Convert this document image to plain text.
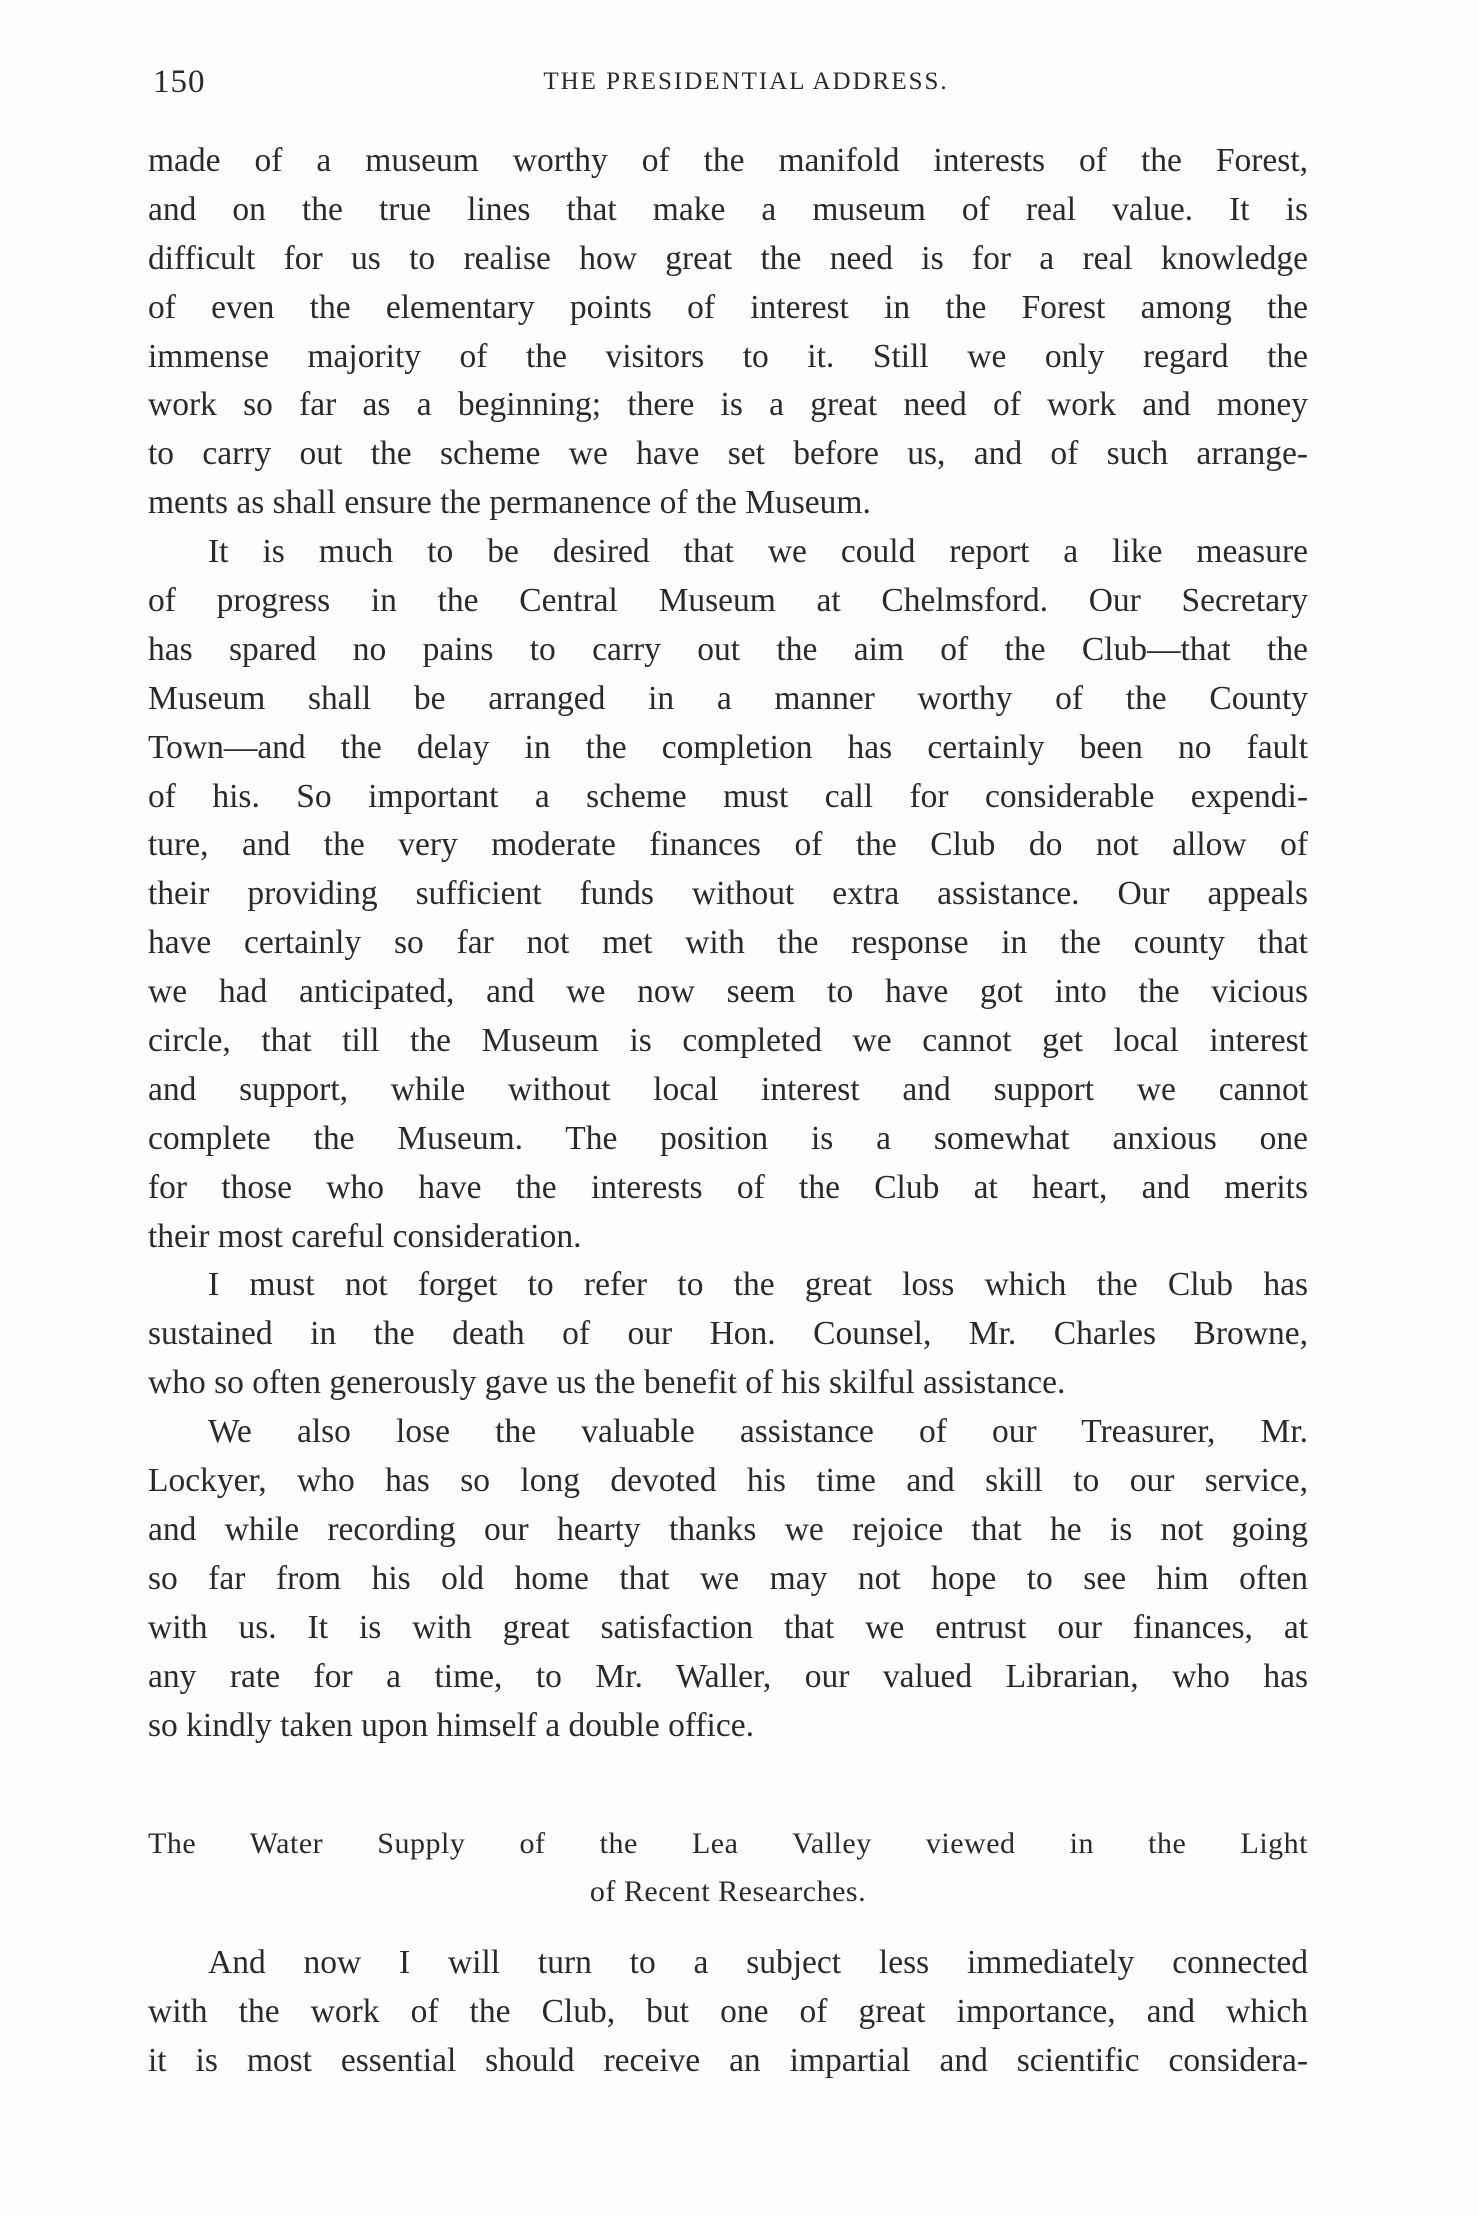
150	THE PRESIDENTIAL ADDRESS.
made of a museum worthy of the manifold interests of the Forest,
and on the true lines that make a museum of real value. It is
difficult for us to realise how great the need is for a real knowledge
of even the elementary points of interest in the Forest among the
immense majority of the visitors to it. Still we only regard the
work so far as a beginning; there is a great need of work and money
to carry out the scheme we have set before us, and of such arrange-
ments as shall ensure the permanence of the Museum.
It is much to be desired that we could report a like measure
of progress in the Central Museum at Chelmsford. Our Secretary
has spared no pains to carry out the aim of the Club—that the
Museum shall be arranged in a manner worthy of the County
Town—and the delay in the completion has certainly been no fault
of his. So important a scheme must call for considerable expendi-
ture, and the very moderate finances of the Club do not allow of
their providing sufficient funds without extra assistance. Our appeals
have certainly so far not met with the response in the county that
we had anticipated, and we now seem to have got into the vicious
circle, that till the Museum is completed we cannot get local interest
and support, while without local interest and support we cannot
complete the Museum. The position is a somewhat anxious one
for those who have the interests of the Club at heart, and merits
their most careful consideration.
I must not forget to refer to the great loss which the Club has
sustained in the death of our Hon. Counsel, Mr. Charles Browne,
who so often generously gave us the benefit of his skilful assistance.
We also lose the valuable assistance of our Treasurer, Mr.
Lockyer, who has so long devoted his time and skill to our service,
and while recording our hearty thanks we rejoice that he is not going
so far from his old home that we may not hope to see him often
with us. It is with great satisfaction that we entrust our finances, at
any rate for a time, to Mr. Waller, our valued Librarian, who has
so kindly taken upon himself a double office.
The Water Supply of the Lea Valley viewed in the Light
of Recent Researches.
And now I will turn to a subject less immediately connected
with the work of the Club, but one of great importance, and which
it is most essential should receive an impartial and scientific considera-
